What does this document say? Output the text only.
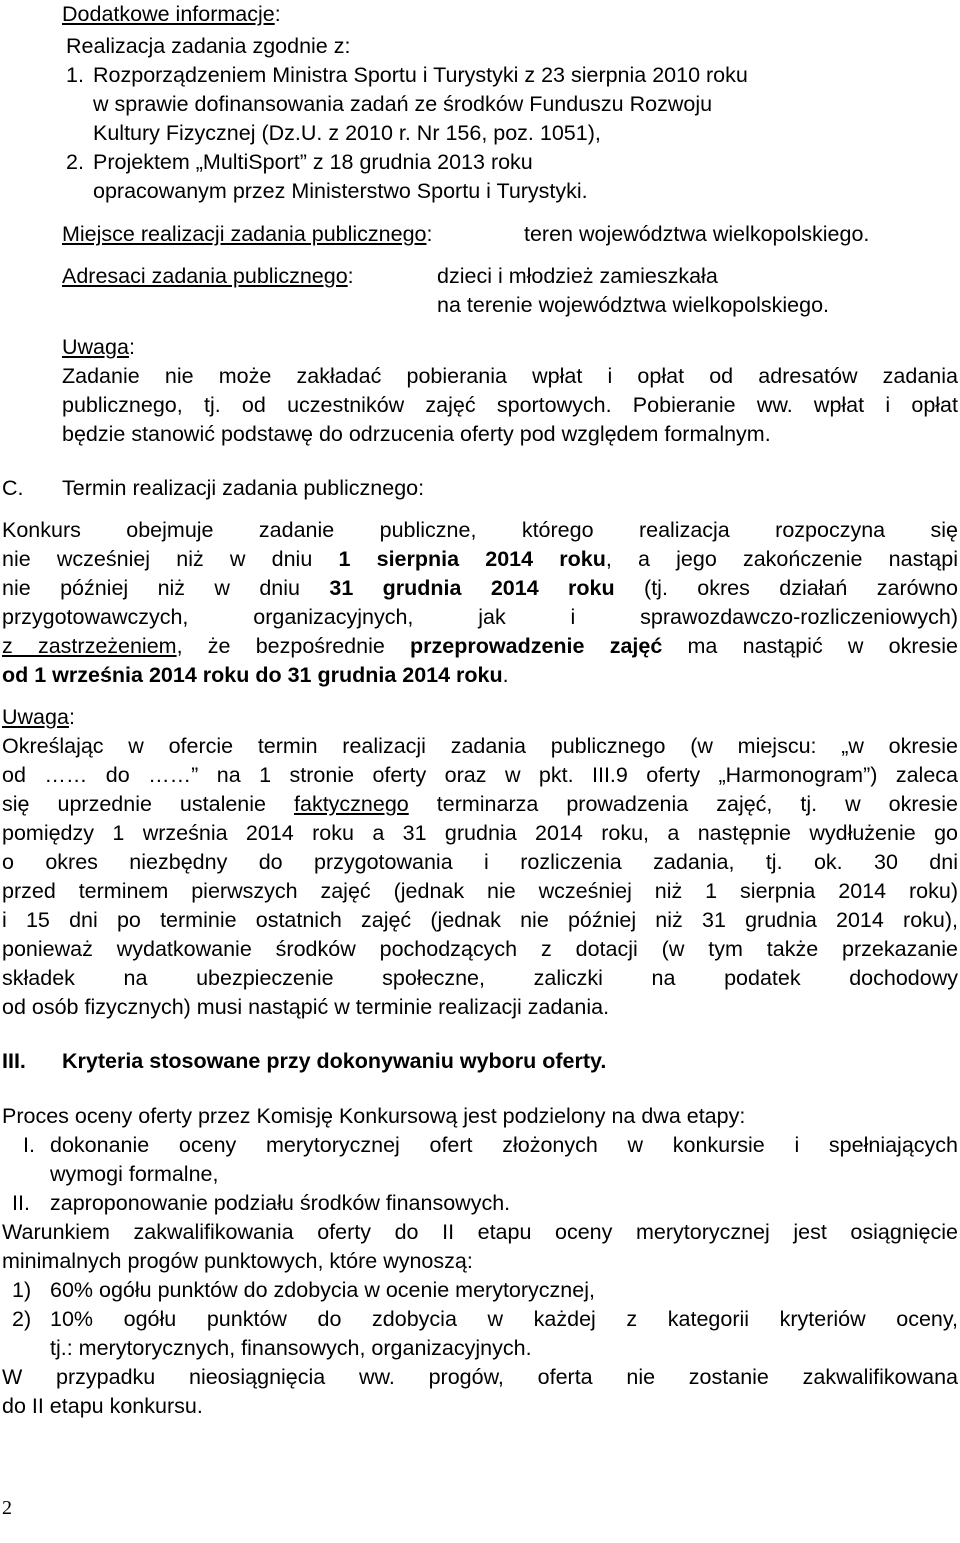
Dodatkowe informacje:
Realizacja zadania zgodnie z:
1. Rozporządzeniem Ministra Sportu i Turystyki z 23 sierpnia 2010 roku
w sprawie dofinansowania zadań ze środków Funduszu Rozwoju
Kultury Fizycznej (Dz.U. z 2010 r. Nr 156, poz. 1051),
2. Projektem „MultiSport” z 18 grudnia 2013 roku
opracowanym przez Ministerstwo Sportu i Turystyki.
Miejsce realizacji zadania publicznego:	teren województwa wielkopolskiego.
Adresaci zadania publicznego:	dzieci i młodzież zamieszkała
na terenie województwa wielkopolskiego.
Uwaga:
Zadanie nie może zakładać pobierania wpłat i opłat od adresatów zadania
publicznego, tj. od uczestników zajęć sportowych. Pobieranie ww. wpłat i opłat
będzie stanowić podstawę do odrzucenia oferty pod względem formalnym.
C. Termin realizacji zadania publicznego:
Konkurs obejmuje zadanie publiczne, którego realizacja rozpoczyna się
nie wcześniej niż w dniu 1 sierpnia 2014 roku, a jego zakończenie nastąpi
nie później niż w dniu 31 grudnia 2014 roku (tj. okres działań zarówno
przygotowawczych, organizacyjnych, jak i sprawozdawczo-rozliczeniowych)
z zastrzeżeniem, że bezpośrednie przeprowadzenie zajęć ma nastąpić w okresie
od 1 września 2014 roku do 31 grudnia 2014 roku.
Uwaga:
Określając w ofercie termin realizacji zadania publicznego (w miejscu: „w okresie
od …… do ……” na 1 stronie oferty oraz w pkt. III.9 oferty „Harmonogram”) zaleca
się uprzednie ustalenie faktycznego terminarza prowadzenia zajęć, tj. w okresie
pomiędzy 1 września 2014 roku a 31 grudnia 2014 roku, a następnie wydłużenie go
o okres niezbędny do przygotowania i rozliczenia zadania, tj. ok. 30 dni
przed terminem pierwszych zajęć (jednak nie wcześniej niż 1 sierpnia 2014 roku)
i 15 dni po terminie ostatnich zajęć (jednak nie później niż 31 grudnia 2014 roku),
ponieważ wydatkowanie środków pochodzących z dotacji (w tym także przekazanie
składek na ubezpieczenie społeczne, zaliczki na podatek dochodowy
od osób fizycznych) musi nastąpić w terminie realizacji zadania.
III. Kryteria stosowane przy dokonywaniu wyboru oferty.
Proces oceny oferty przez Komisję Konkursową jest podzielony na dwa etapy:
I. dokonanie oceny merytorycznej ofert złożonych w konkursie i spełniających
wymogi formalne,
II. zaproponowanie podziału środków finansowych.
Warunkiem zakwalifikowania oferty do II etapu oceny merytorycznej jest osiągnięcie
minimalnych progów punktowych, które wynoszą:
1) 60% ogółu punktów do zdobycia w ocenie merytorycznej,
2) 10% ogółu punktów do zdobycia w każdej z kategorii kryteriów oceny,
tj.: merytorycznych, finansowych, organizacyjnych.
W przypadku nieosiągnięcia ww. progów, oferta nie zostanie zakwalifikowana
do II etapu konkursu.
2
